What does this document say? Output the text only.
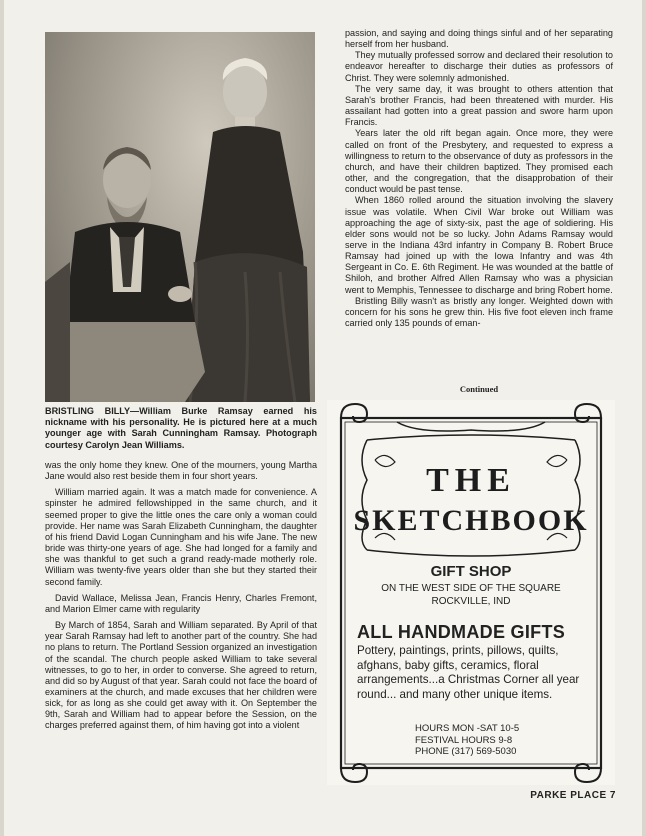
BRISTLING BILLY—William Burke Ramsay earned his nickname with his personality. He is pictured here at a much younger age with Sarah Cunningham Ramsay. Photograph courtesy Carolyn Jean Williams.

was the only home they knew. One of the mourners, young Martha Jane would also rest beside them in four short years.

William married again. It was a match made for convenience. A spinster he admired fellowshipped in the same church, and it seemed proper to give the little ones the care only a woman could provide. Her name was Sarah Elizabeth Cunningham, the daughter of his friend David Logan Cunningham and his wife Jane. The new bride was thirty-one years of age. She had longed for a family and she was thankful to get such a grand ready-made motherly role. William was twenty-five years older than she but they started their second family.

David Wallace, Melissa Jean, Francis Henry, Charles Fremont, and Marion Elmer came with regularity

By March of 1854, Sarah and William separated. By April of that year Sarah Ramsay had left to another part of the country. She had no plans to return. The Portland Session organized an investigation of the scandal. The church people asked William to take several witnesses, to go to her, in order to converse. She agreed to return, and did so by August of that year. Sarah could not face the board of examiners at the church, and made excuses that her children were sick, for as long as she could get away with it. On September the 9th, Sarah and William had to appear before the Session, on the charges preferred against them, of him having got into a violent

passion, and saying and doing things sinful and of her separating herself from her husband.

They mutually professed sorrow and declared their resolution to endeavor hereafter to discharge their duties as professors of Christ. They were solemnly admonished.

The very same day, it was brought to others attention that Sarah's brother Francis, had been threatened with murder. His assailant had gotten into a great passion and swore harm upon Francis.

Years later the old rift began again. Once more, they were called on front of the Presbytery, and requested to express a willingness to return to the observance of duty as professors in the church, and have their children baptized. They promised each other, and the congregation, that the disapprobation of their conduct would be past tense.

When 1860 rolled around the situation involving the slavery issue was volatile. When Civil War broke out William was approaching the age of sixty-six, past the age of soldiering. His elder sons would not be so lucky. John Adams Ramsay would serve in the Indiana 43rd infantry in Company B. Robert Bruce Ramsay had joined up with the Iowa Infantry and was 4th Sergeant in Co. E. 6th Regiment. He was wounded at the battle of Shiloh, and brother Alfred Allen Ramsay who was a physician went to Memphis, Tennessee to discharge and bring Robert home.

Bristling Billy wasn't as bristly any longer. Weighted down with concern for his sons he grew thin. His five foot eleven inch frame carried only 135 pounds of eman-

Continued
THE
SKETCHBOOK
GIFT SHOP
ON THE WEST SIDE OF THE SQUARE
ROCKVILLE, IND
ALL HANDMADE GIFTS
Pottery, paintings, prints, pillows, quilts, afghans, baby gifts, ceramics, floral arrangements...a Christmas Corner all year round... and many other unique items.
HOURS MON -SAT 10-5
FESTIVAL HOURS 9-8
PHONE (317) 569-5030
PARKE PLACE 7
